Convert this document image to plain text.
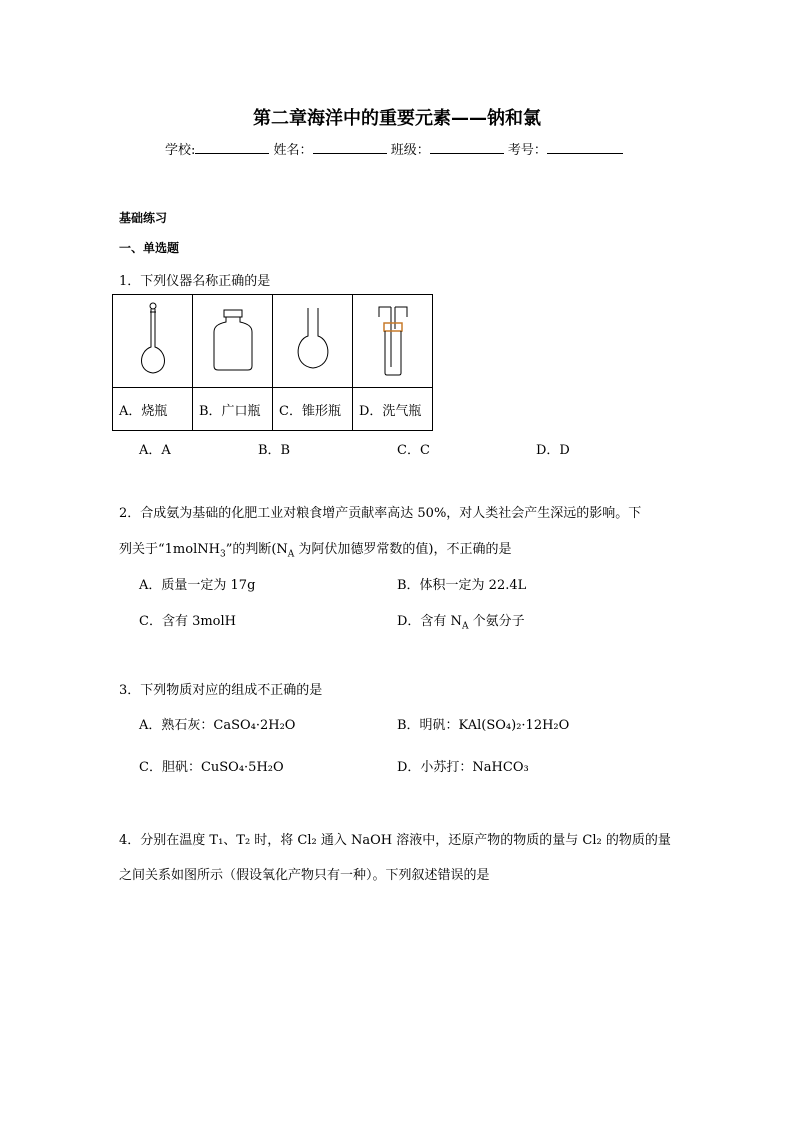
第二章海洋中的重要元素——钠和氯
学校:	姓名：	班级：	考号：
基础练习
一、单选题
1．下列仪器名称正确的是

A．烧瓶	B．广口瓶	C．锥形瓶	D．洗气瓶
A．A	B．B	C．C	D．D
2．合成氨为基础的化肥工业对粮食增产贡献率高达 50%，对人类社会产生深远的影响。下
列关于“1molNH$_3$”的判断($N_A$ 为阿伏加德罗常数的值)，不正确的是
A．质量一定为 17g	B．体积一定为 22.4L
C．含有 3molH	D．含有 $N_A$ 个氨分子
3．下列物质对应的组成不正确的是
A．熟石灰：CaSO₄·2H₂O	B．明矾：KAl(SO₄)₂·12H₂O
C．胆矾：CuSO₄·5H₂O	D．小苏打：NaHCO₃
4．分别在温度 T₁、T₂ 时，将 Cl₂ 通入 NaOH 溶液中，还原产物的物质的量与 Cl₂ 的物质的量
之间关系如图所示（假设氧化产物只有一种）。下列叙述错误的是
